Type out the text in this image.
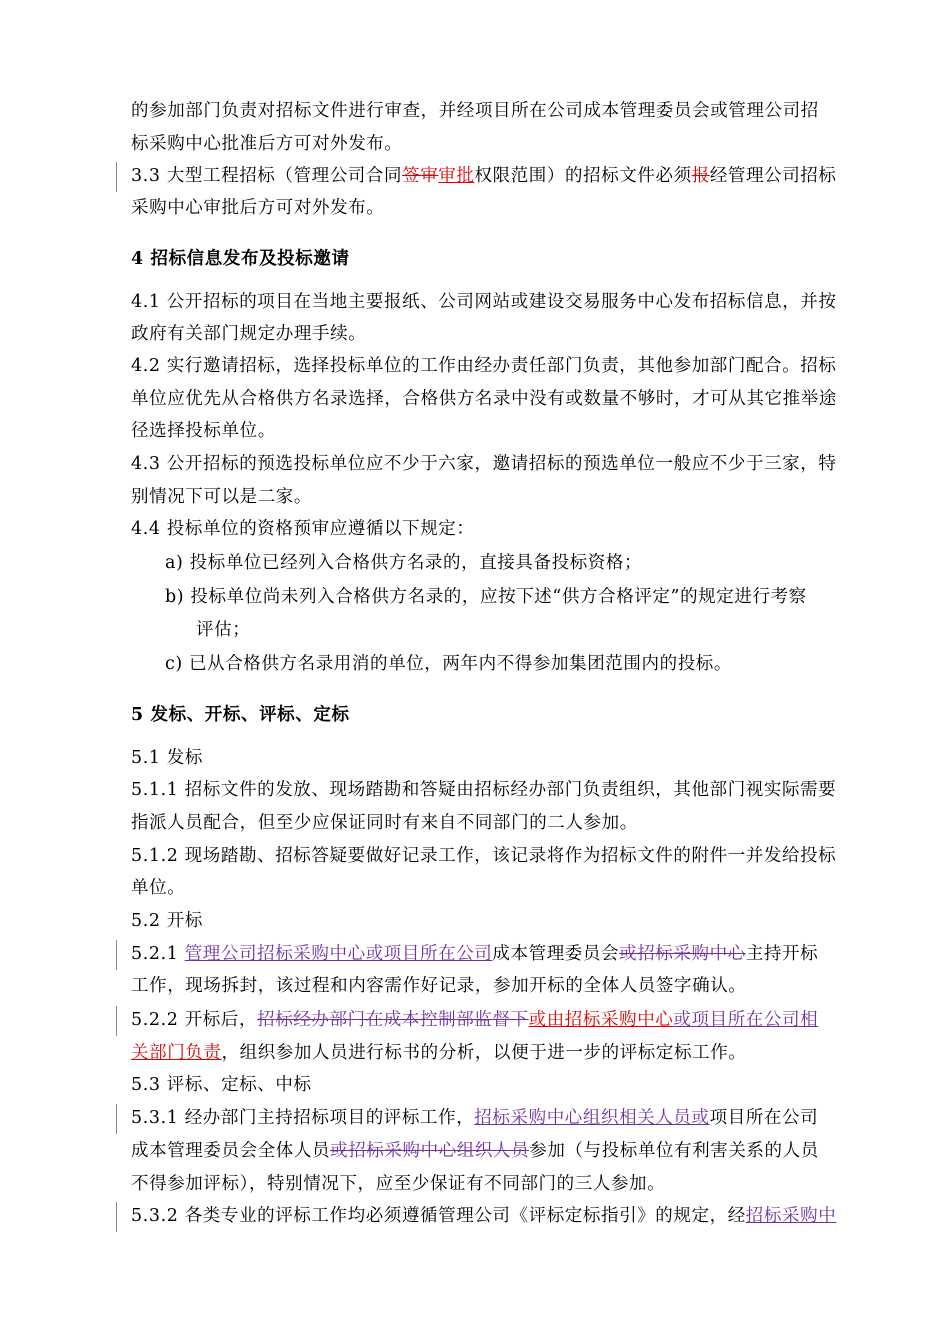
的参加部门负责对招标文件进行审查，并经项目所在公司成本管理委员会或管理公司招
标采购中心批准后方可对外发布。
3.3 大型工程招标（管理公司合同签审审批权限范围）的招标文件必须报经管理公司招标
采购中心审批后方可对外发布。
4 招标信息发布及投标邀请
4.1 公开招标的项目在当地主要报纸、公司网站或建设交易服务中心发布招标信息，并按
政府有关部门规定办理手续。
4.2 实行邀请招标，选择投标单位的工作由经办责任部门负责，其他参加部门配合。招标
单位应优先从合格供方名录选择，合格供方名录中没有或数量不够时，才可从其它推举途
径选择投标单位。
4.3 公开招标的预选投标单位应不少于六家，邀请招标的预选单位一般应不少于三家，特
别情况下可以是二家。
4.4 投标单位的资格预审应遵循以下规定：
a) 投标单位已经列入合格供方名录的，直接具备投标资格；
b) 投标单位尚未列入合格供方名录的，应按下述“供方合格评定”的规定进行考察
评估；
c) 已从合格供方名录用消的单位，两年内不得参加集团范围内的投标。
5 发标、开标、评标、定标
5.1 发标
5.1.1 招标文件的发放、现场踏勘和答疑由招标经办部门负责组织，其他部门视实际需要
指派人员配合，但至少应保证同时有来自不同部门的二人参加。
5.1.2 现场踏勘、招标答疑要做好记录工作，该记录将作为招标文件的附件一并发给投标
单位。
5.2 开标
5.2.1 管理公司招标采购中心或项目所在公司成本管理委员会或招标采购中心主持开标
工作，现场拆封，该过程和内容需作好记录，参加开标的全体人员签字确认。
5.2.2 开标后，招标经办部门在成本控制部监督下或由招标采购中心或项目所在公司相
关部门负责，组织参加人员进行标书的分析，以便于进一步的评标定标工作。
5.3 评标、定标、中标
5.3.1 经办部门主持招标项目的评标工作，招标采购中心组织相关人员或项目所在公司
成本管理委员会全体人员或招标采购中心组织人员参加（与投标单位有利害关系的人员
不得参加评标），特别情况下，应至少保证有不同部门的三人参加。
5.3.2 各类专业的评标工作均必须遵循管理公司《评标定标指引》的规定，经招标采购中
